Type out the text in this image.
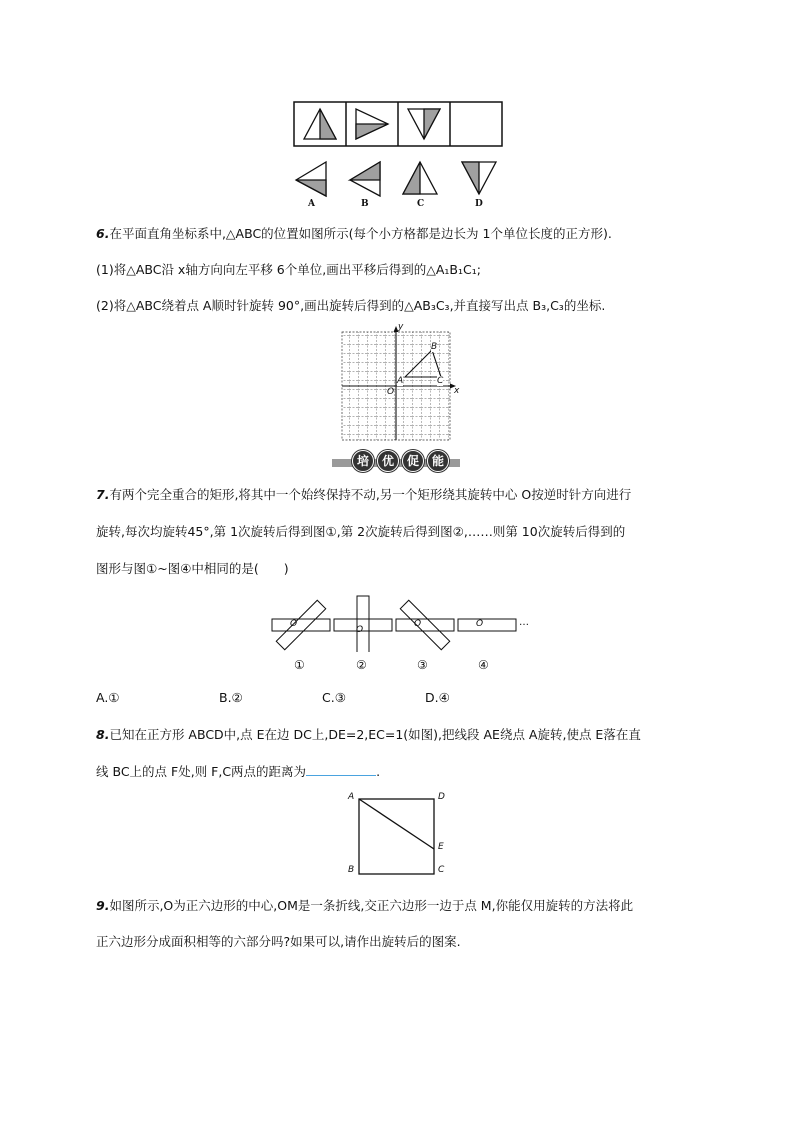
A	B	C	D
6.在平面直角坐标系中,△ABC的位置如图所示(每个小方格都是边长为 1个单位长度的正方形).
(1)将△ABC沿 x轴方向向左平移 6个单位,画出平移后得到的△A₁B₁C₁;
(2)将△ABC绕着点 A顺时针旋转 90°,画出旋转后得到的△AB₃C₃,并直接写出点 B₃,C₃的坐标.
x
y
O
A
B
C
培	优	促	能
7.有两个完全重合的矩形,将其中一个始终保持不动,另一个矩形绕其旋转中心 O按逆时针方向进行
旋转,每次均旋转45°,第 1次旋转后得到图①,第 2次旋转后得到图②,……则第 10次旋转后得到的
图形与图①~图④中相同的是(　　)
O
O
O	O	…
①	②	③	④
A.①	B.②	C.③	D.④
8.已知在正方形 ABCD中,点 E在边 DC上,DE=2,EC=1(如图),把线段 AE绕点 A旋转,使点 E落在直
线 BC上的点 F处,则 F,C两点的距离为	.
A	D
E
B	C
9.如图所示,O为正六边形的中心,OM是一条折线,交正六边形一边于点 M,你能仅用旋转的方法将此
正六边形分成面积相等的六部分吗?如果可以,请作出旋转后的图案.
